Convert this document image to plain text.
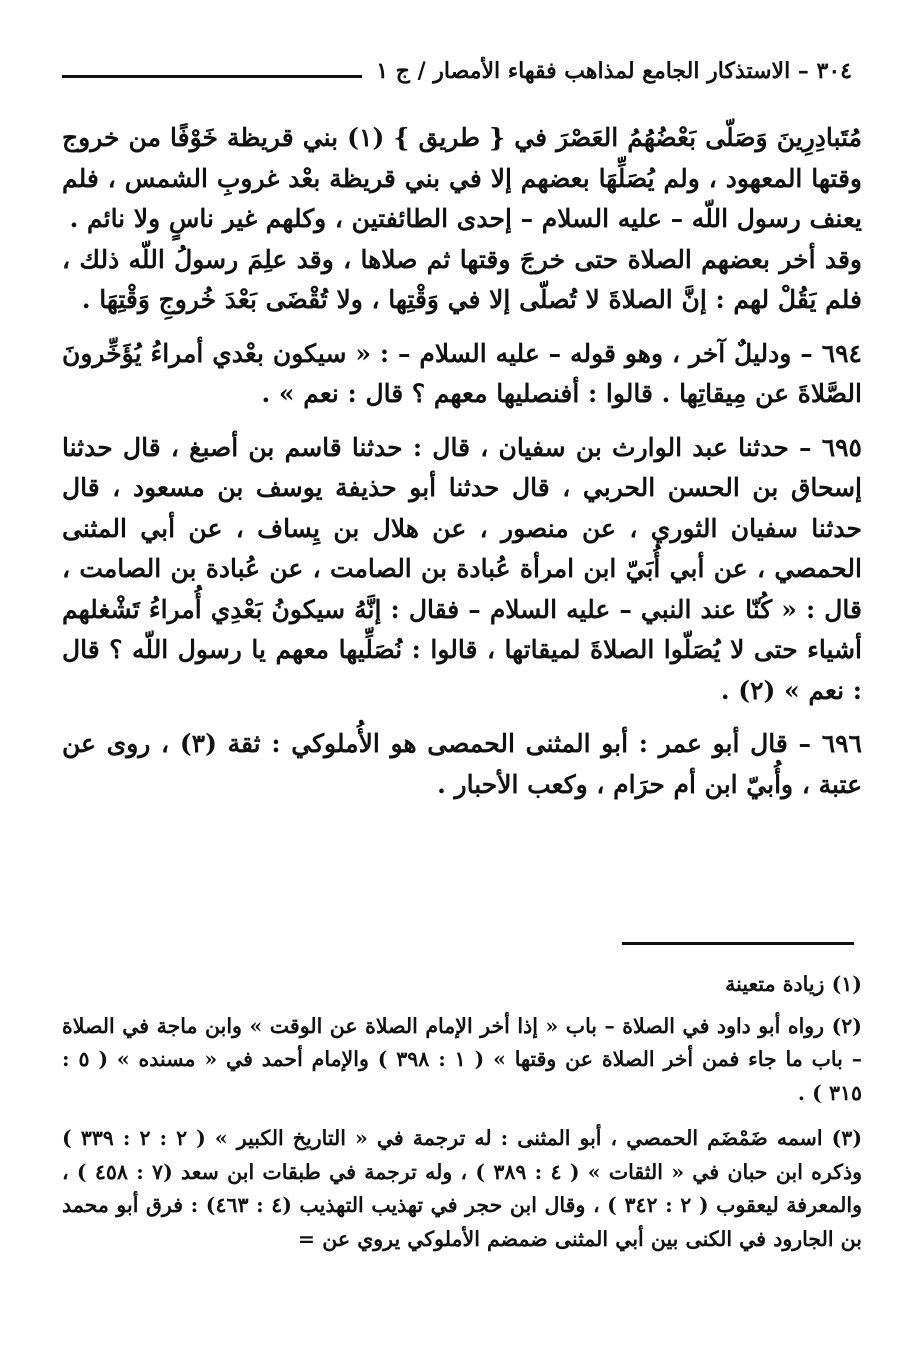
٣٠٤ – الاستذكار الجامع لمذاهب فقهاء الأمصار / ج ١

مُتَبادِرِينَ وَصَلّى بَعْضُهُمُ العَصْرَ في { طريق } (١) بني قريظة خَوْفًا من خروج وقتها المعهود ، ولم يُصَلِّهَا بعضهم إلا في بني قريظة بعْد غروبِ الشمس ، فلم يعنف رسول اللّه – عليه السلام – إحدى الطائفتين ، وكلهم غير ناسٍ ولا نائم .

وقد أخر بعضهم الصلاة حتى خرجَ وقتها ثم صلاها ، وقد علِمَ رسولُ اللّه ذلك ، فلم يَقُلْ لهم : إنَّ الصلاةَ لا تُصلّى إلا في وَقْتِها ، ولا تُقْضَى بَعْدَ خُروجِ وَقْتِهَا .

٦٩٤ – ودليلٌ آخر ، وهو قوله – عليه السلام – : « سيكون بعْدي أمراءُ يُؤَخِّرونَ الصَّلاةَ عن مِيقاتِها . قالوا : أفنصليها معهم ؟ قال : نعم » .

٦٩٥ – حدثنا عبد الوارث بن سفيان ، قال : حدثنا قاسم بن أصبغ ، قال حدثنا إسحاق بن الحسن الحربي ، قال حدثنا أبو حذيفة يوسف بن مسعود ، قال حدثنا سفيان الثوري ، عن منصور ، عن هلال بن يِساف ، عن أبي المثنى الحمصي ، عن أبي أُبَيّ ابن امرأة عُبادة بن الصامت ، عن عُبادة بن الصامت ، قال : « كُنّا عند النبي – عليه السلام – فقال : إنَّهُ سيكونُ بَعْدِي أُمراءُ تَشْغلهم أشياء حتى لا يُصَلّوا الصلاةَ لميقاتها ، قالوا : نُصَلِّيها معهم يا رسول اللّه ؟ قال : نعم » (٢) .

٦٩٦ – قال أبو عمر : أبو المثنى الحمصى هو الأُملوكي : ثقة (٣) ، روى عن عتبة ، وأُبيّ ابن أم حرَام ، وكعب الأحبار .

(١) زيادة متعينة

(٢) رواه أبو داود في الصلاة – باب « إذا أخر الإمام الصلاة عن الوقت » وابن ماجة في الصلاة – باب ما جاء فمن أخر الصلاة عن وقتها » ( ١ : ٣٩٨ ) والإمام أحمد في « مسنده » ( ٥ : ٣١٥ ) .

(٣) اسمه ضَمْضَم الحمصي ، أبو المثنى : له ترجمة في « التاريخ الكبير » ( ٢ : ٢ : ٣٣٩ ) وذكره ابن حبان في « الثقات » ( ٤ : ٣٨٩ ) ، وله ترجمة في طبقات ابن سعد (٧ : ٤٥٨ ) ، والمعرفة ليعقوب ( ٢ : ٣٤٢ ) ، وقال ابن حجر في تهذيب التهذيب (٤ : ٤٦٣) : فرق أبو محمد بن الجارود في الكنى بين أبي المثنى ضمضم الأملوكي يروي عن =
